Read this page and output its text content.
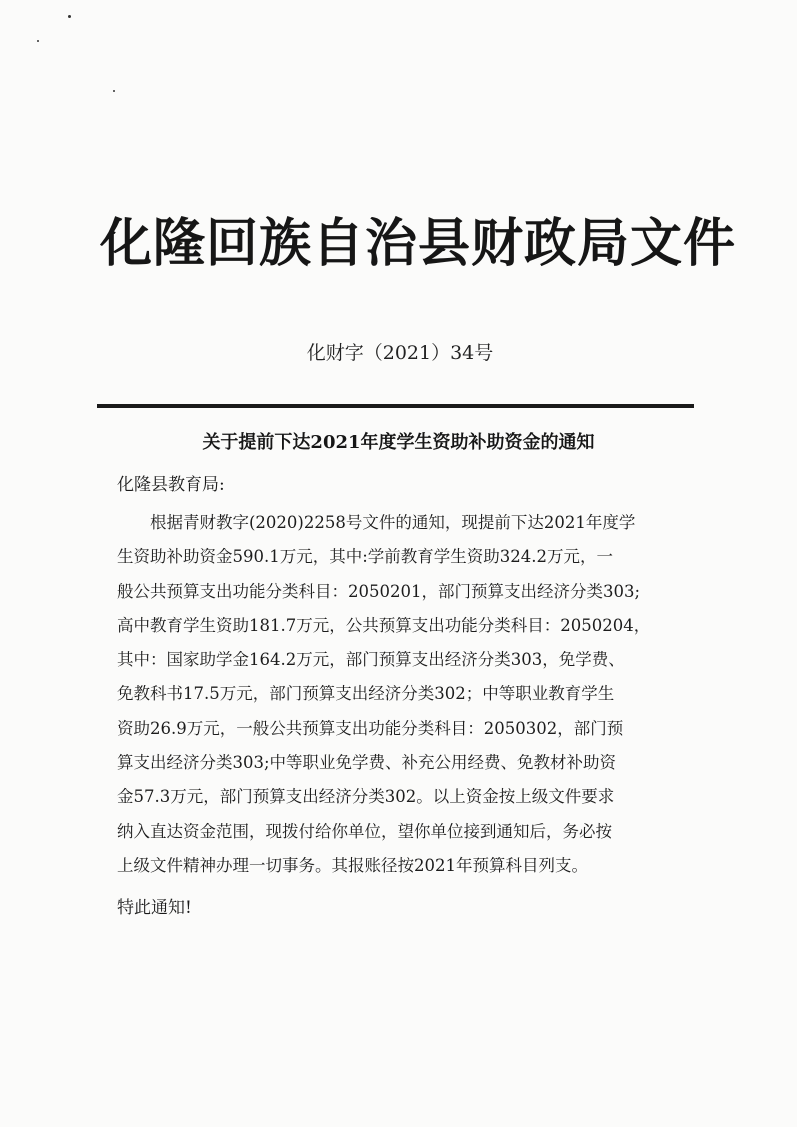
化隆回族自治县财政局文件
化财字（2021）34号
关于提前下达2021年度学生资助补助资金的通知
化隆县教育局:
根据青财教字(2020)2258号文件的通知，现提前下达2021年度学
生资助补助资金590.1万元，其中:学前教育学生资助324.2万元，一
般公共预算支出功能分类科目：2050201，部门预算支出经济分类303;
高中教育学生资助181.7万元，公共预算支出功能分类科目：2050204，
其中：国家助学金164.2万元，部门预算支出经济分类303，免学费、
免教科书17.5万元，部门预算支出经济分类302；中等职业教育学生
资助26.9万元，一般公共预算支出功能分类科目：2050302，部门预
算支出经济分类303;中等职业免学费、补充公用经费、免教材补助资
金57.3万元，部门预算支出经济分类302。以上资金按上级文件要求
纳入直达资金范围，现拨付给你单位，望你单位接到通知后，务必按
上级文件精神办理一切事务。其报账径按2021年预算科目列支。
特此通知!
